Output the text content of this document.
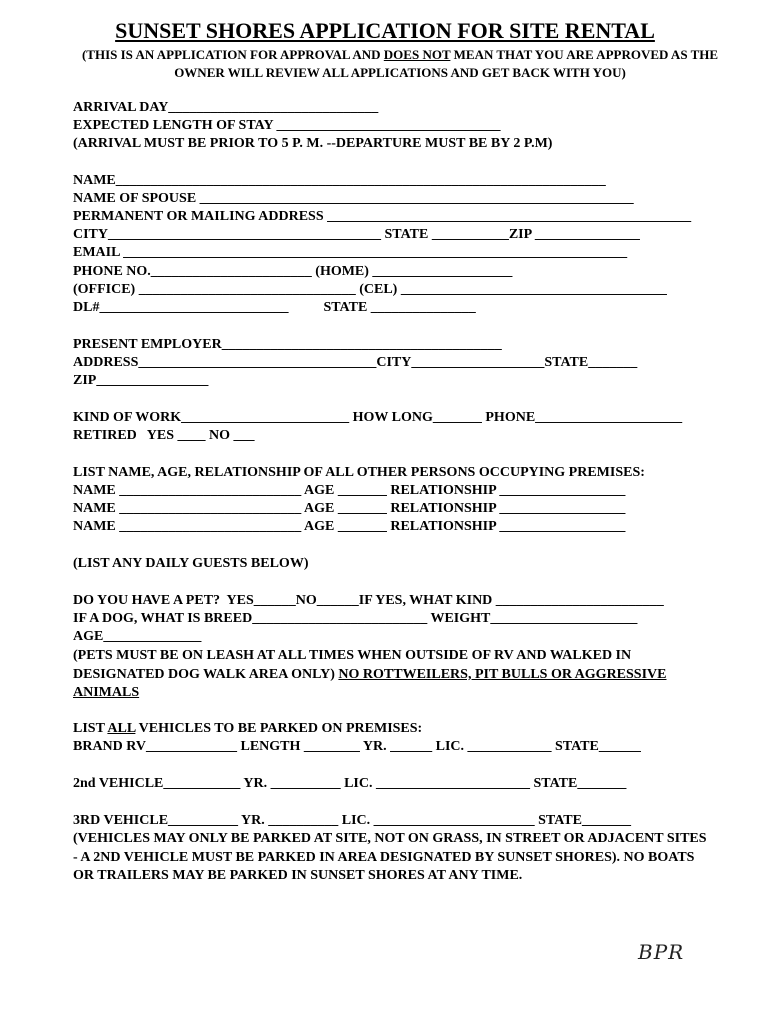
SUNSET SHORES APPLICATION FOR SITE RENTAL
(THIS IS AN APPLICATION FOR APPROVAL AND DOES NOT MEAN THAT YOU ARE APPROVED AS THE OWNER WILL REVIEW ALL APPLICATIONS AND GET BACK WITH YOU)
ARRIVAL DAY______________________________
EXPECTED LENGTH OF STAY ________________________________
(ARRIVAL MUST BE PRIOR TO 5 P. M. --DEPARTURE MUST BE BY 2 P.M)
NAME______________________________________________________________________
NAME OF SPOUSE ______________________________________________________________
PERMANENT OR MAILING ADDRESS ____________________________________________________
CITY_______________________________________ STATE ___________ZIP _______________
EMAIL ________________________________________________________________________
PHONE NO._______________________ (HOME) ____________________
(OFFICE) _______________________________ (CEL) ______________________________________
DL#___________________________          STATE _______________
PRESENT EMPLOYER________________________________________
ADDRESS__________________________________CITY___________________STATE_______
ZIP________________
KIND OF WORK________________________ HOW LONG_______ PHONE_____________________
RETIRED   YES ____ NO ___
LIST NAME, AGE, RELATIONSHIP OF ALL OTHER PERSONS OCCUPYING PREMISES:
NAME __________________________ AGE _______ RELATIONSHIP __________________
NAME __________________________ AGE _______ RELATIONSHIP __________________
NAME __________________________ AGE _______ RELATIONSHIP __________________
(LIST ANY DAILY GUESTS BELOW)
DO YOU HAVE A PET?  YES______NO______IF YES, WHAT KIND ________________________
IF A DOG, WHAT IS BREED_________________________ WEIGHT_____________________
AGE______________
(PETS MUST BE ON LEASH AT ALL TIMES WHEN OUTSIDE OF RV AND WALKED IN DESIGNATED DOG WALK AREA ONLY) NO ROTTWEILERS, PIT BULLS OR AGGRESSIVE ANIMALS
LIST ALL VEHICLES TO BE PARKED ON PREMISES:
BRAND RV_____________ LENGTH ________ YR. ______ LIC. ____________ STATE______
2nd VEHICLE___________ YR. __________ LIC. ______________________ STATE_______
3RD VEHICLE__________ YR. __________ LIC. _______________________ STATE_______
(VEHICLES MAY ONLY BE PARKED AT SITE, NOT ON GRASS, IN STREET OR ADJACENT SITES - A 2ND VEHICLE MUST BE PARKED IN AREA DESIGNATED BY SUNSET SHORES). NO BOATS OR TRAILERS MAY BE PARKED IN SUNSET SHORES AT ANY TIME.
BPR
